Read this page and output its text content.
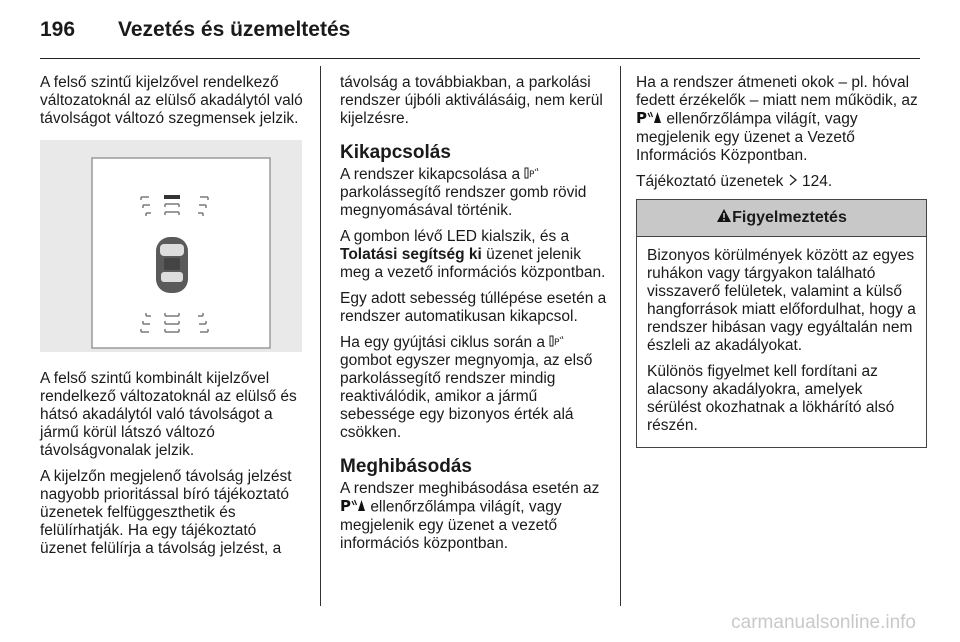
196 Vezetés és üzemeltetés

A felső szintű kijelzővel rendelkező változatoknál az elülső akadálytól való távolságot változó szegmensek jelzik.

A felső szintű kombinált kijelzővel rendelkező változatoknál az elülső és hátsó akadálytól való távolságot a jármű körül látszó változó távolságvonalak jelzik.

A kijelzőn megjelenő távolság jelzést nagyobb prioritással bíró tájékoztató üzenetek felfüggeszthetik és felülírhatják. Ha egy tájékoztató üzenet felülírja a távolság jelzést, a

távolság a továbbiakban, a parkolási rendszer újbóli aktiválásáig, nem kerül kijelzésre.

Kikapcsolás

A rendszer kikapcsolása a P
parkolássegítő rendszer gomb rövid megnyomásával történik.

A gombon lévő LED kialszik, és a Tolatási segítség ki üzenet jelenik meg a vezető információs központban.

Egy adott sebesség túllépése esetén a rendszer automatikusan kikapcsol.

Ha egy gyújtási ciklus során a P
gombot egyszer megnyomja, az első parkolássegítő rendszer mindig reaktiválódik, amikor a jármű sebessége egy bizonyos érték alá csökken.

Meghibásodás

A rendszer meghibásodása esetén az
P ellenőrzőlámpa világít, vagy megjelenik egy üzenet a vezető információs központban.

Ha a rendszer átmeneti okok – pl. hóval fedett érzékelők – miatt nem működik, az
P ellenőrzőlámpa világít, vagy megjelenik egy üzenet a Vezető Információs Központban.

Tájékoztató üzenetek 124.

Figyelmeztetés

Bizonyos körülmények között az egyes ruhákon vagy tárgyakon található visszaverő felületek, valamint a külső hangforrások miatt előfordulhat, hogy a rendszer hibásan vagy egyáltalán nem észleli az akadályokat.

Különös figyelmet kell fordítani az alacsony akadályokra, amelyek sérülést okozhatnak a lökhárító alsó részén.

carmanualsonline.info
